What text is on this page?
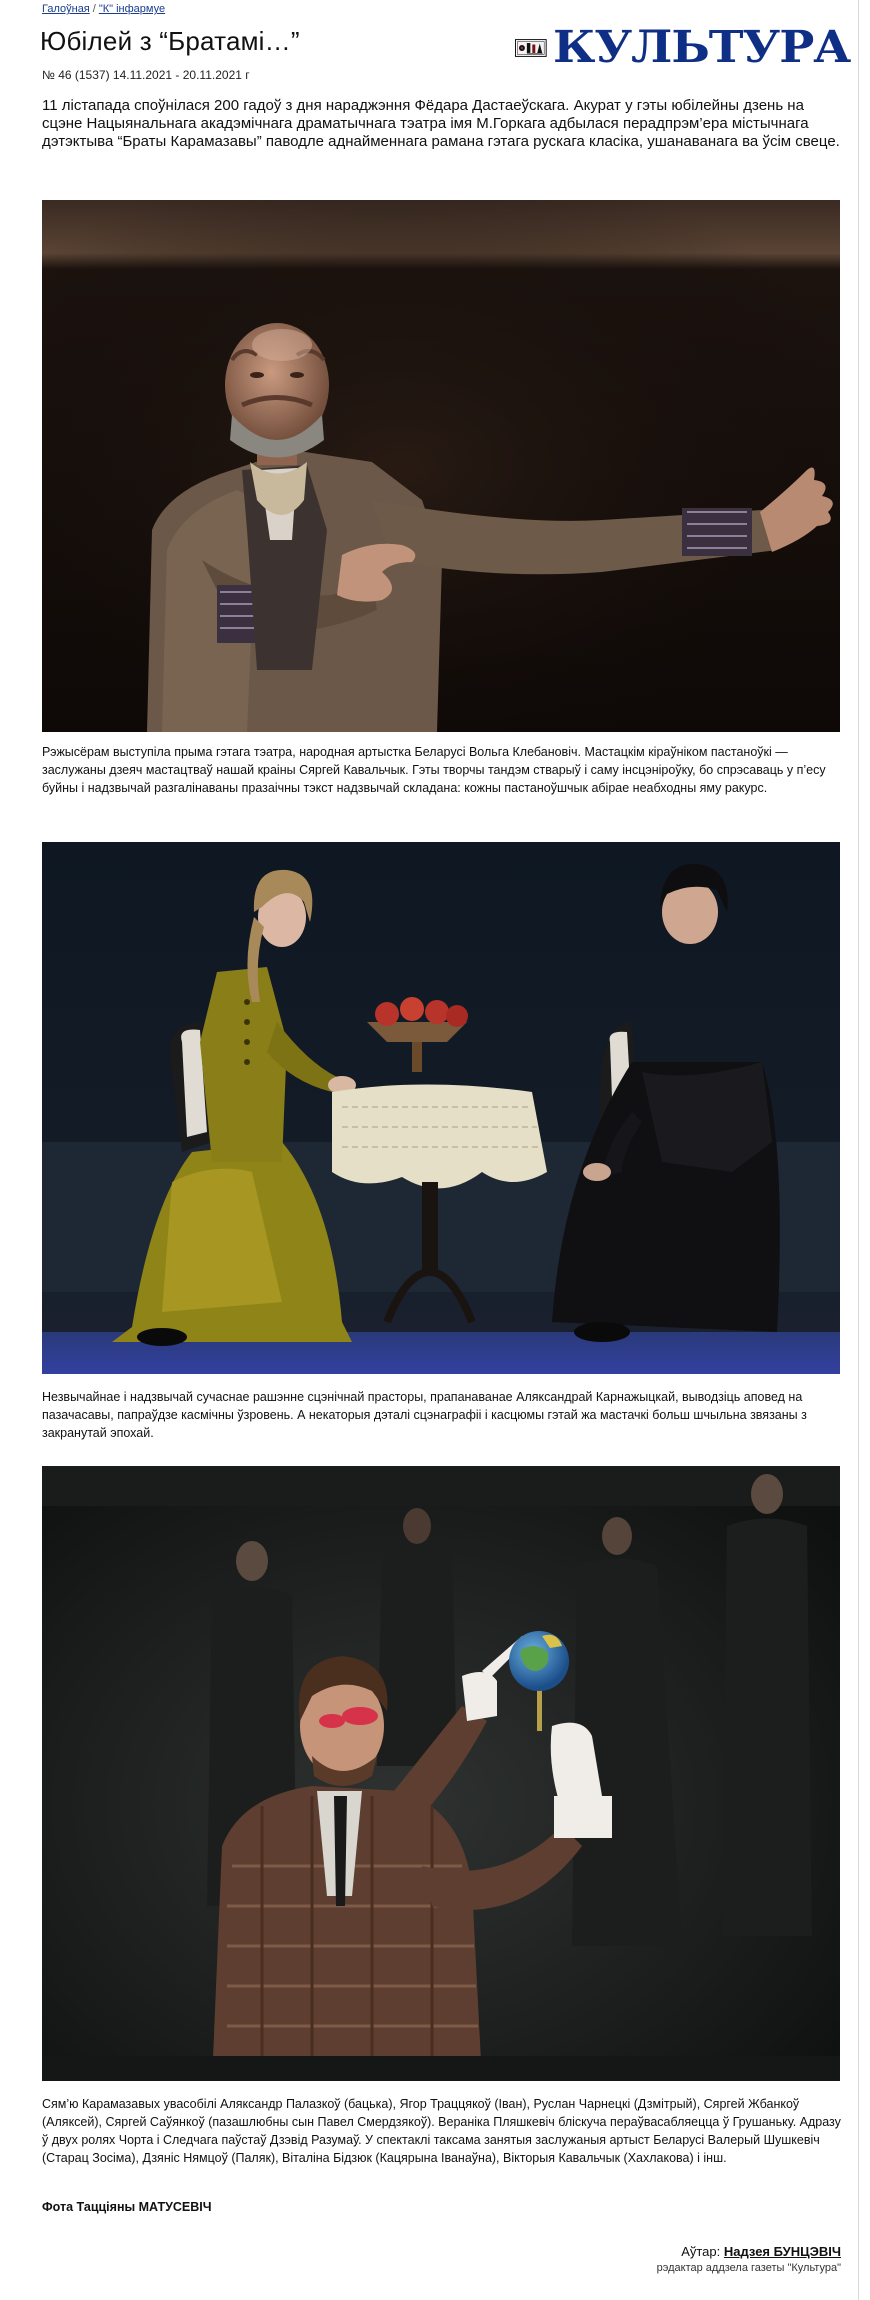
Галоўная / "К" інфармуе
Юбілей з “Братамі…”	КУЛЬТУРА
№ 46 (1537) 14.11.2021 - 20.11.2021 г

11 лістапада споўнілася 200 гадоў з дня нараджэння Фёдара Дастаеўскага. Акурат у гэты юбілейны дзень на сцэне Нацыянальнага акадэмічнага драматычнага тэатра імя М.Горкага адбылася перадпрэм’ера містычнага дэтэктыва “Браты Карамазавы” паводле аднайменнага рамана гэтага рускага класіка, ушанаванага ва ўсім свеце.

Рэжысёрам выступіла прыма гэтага тэатра, народная артыстка Беларусі Вольга Клебановіч. Мастацкім кіраўніком пастаноўкі — заслужаны дзеяч мастацтваў нашай краіны Сяргей Кавальчык. Гэты творчы тандэм стварыў і саму інсцэніроўку, бо спрэсаваць у п’есу буйны і надзвычай разгалінаваны празаічны тэкст надзвычай складана: кожны пастаноўшчык абірае неабходны яму ракурс.

Незвычайнае і надзвычай сучаснае рашэнне сцэнічнай прасторы, прапанаванае Аляксандрай Карнажыцкай, выводзіць аповед на пазачасавы, папраўдзе касмічны ўзровень. А некаторыя дэталі сцэнаграфіі і касцюмы гэтай жа мастачкі больш шчыльна звязаны з закранутай эпохай.

Сям’ю Карамазавых увасобілі Аляксандр Палазкоў (бацька), Ягор Траццякоў (Іван), Руслан Чарнецкі (Дзмітрый), Сяргей Жбанкоў (Аляксей), Сяргей Саўянкоў (пазашлюбны сын Павел Смердзякоў). Вераніка Пляшкевіч бліскуча пераўвасабляецца ў Грушаньку. Адразу ў двух ролях Чорта і Следчага паўстаў Дзэвід Разумаў. У спектаклі таксама занятыя заслужаныя артыст Беларусі Валерый Шушкевіч (Старац Зосіма), Дзяніс Нямцоў (Паляк), Віталіна Бідзюк (Кацярына Іванаўна), Вікторыя Кавальчык (Хахлакова) і інш.

Фота Тацціяны МАТУСЕВІЧ
Аўтар: Надзея БУНЦЭВІЧ
рэдактар аддзела газеты "Культура"
